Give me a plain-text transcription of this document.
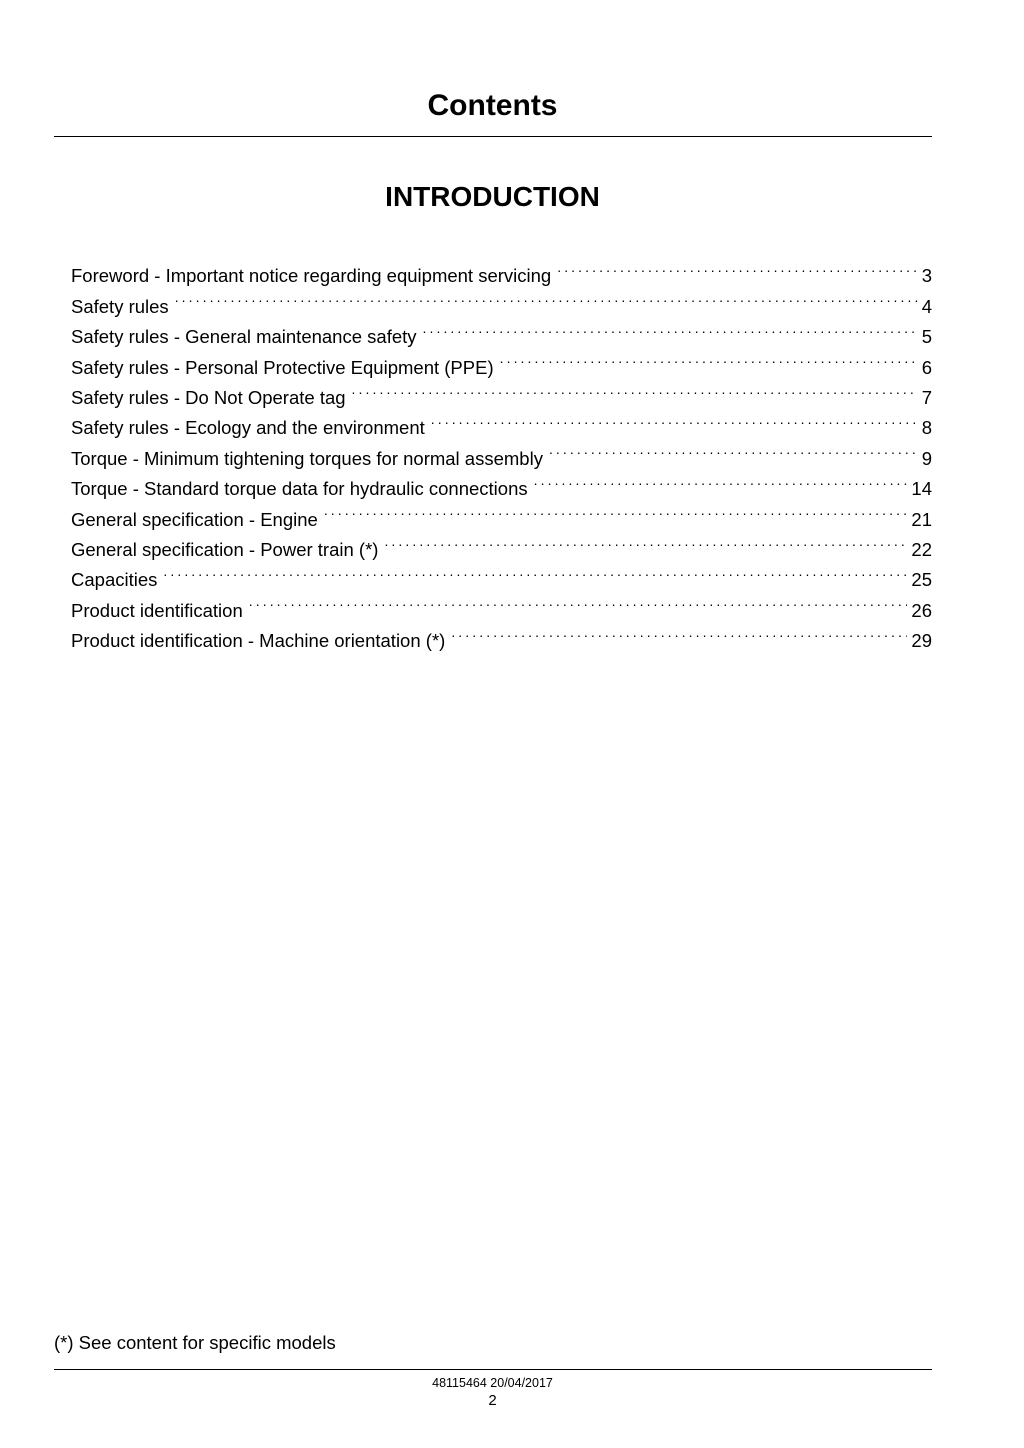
Contents
INTRODUCTION
Foreword - Important notice regarding equipment servicing . . .	3
Safety rules . . .	4
Safety rules - General maintenance safety . . .	5
Safety rules - Personal Protective Equipment (PPE) . . .	6
Safety rules - Do Not Operate tag . . .	7
Safety rules - Ecology and the environment . . .	8
Torque - Minimum tightening torques for normal assembly . . .	9
Torque - Standard torque data for hydraulic connections . . .	14
General specification - Engine . . .	21
General specification - Power train (*) . . .	22
Capacities . . .	25
Product identification . . .	26
Product identification - Machine orientation (*) . . .	29
(*) See content for specific models
48115464 20/04/2017
2
